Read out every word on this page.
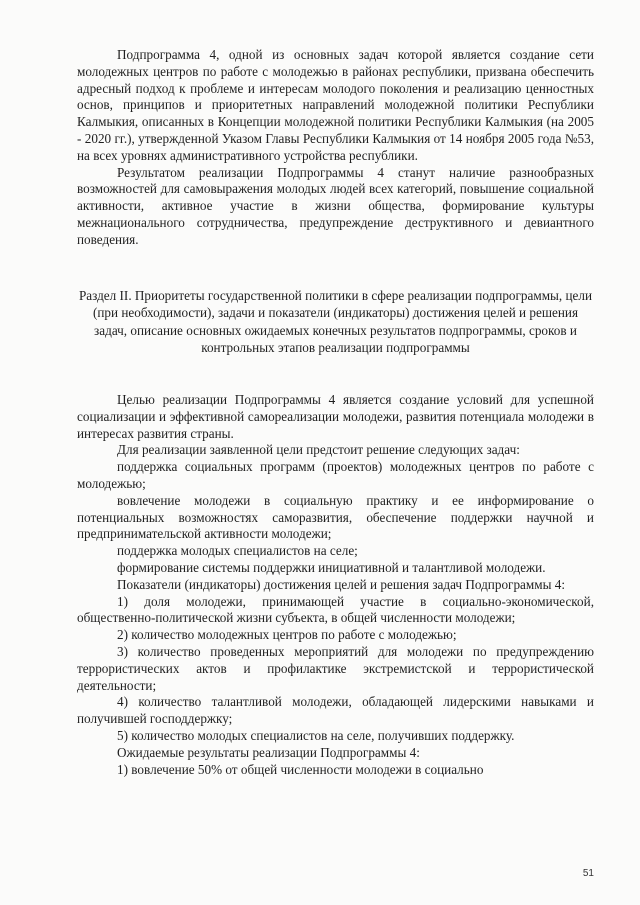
Подпрограмма 4, одной из основных задач которой является создание сети молодежных центров по работе с молодежью в районах республики, призвана обеспечить адресный подход к проблеме и интересам молодого поколения и реализацию ценностных основ, принципов и приоритетных направлений молодежной политики Республики Калмыкия, описанных в Концепции молодежной политики Республики Калмыкия (на 2005 - 2020 гг.), утвержденной Указом Главы Республики Калмыкия от 14 ноября 2005 года №53, на всех уровнях административного устройства республики.

Результатом реализации Подпрограммы 4 станут наличие разнообразных возможностей для самовыражения молодых людей всех категорий, повышение социальной активности, активное участие в жизни общества, формирование культуры межнационального сотрудничества, предупреждение деструктивного и девиантного поведения.

Раздел II. Приоритеты государственной политики в сфере реализации подпрограммы, цели (при необходимости), задачи и показатели (индикаторы) достижения целей и решения задач, описание основных ожидаемых конечных результатов подпрограммы, сроков и контрольных этапов реализации подпрограммы

Целью реализации Подпрограммы 4 является создание условий для успешной социализации и эффективной самореализации молодежи, развития потенциала молодежи в интересах развития страны.

Для реализации заявленной цели предстоит решение следующих задач:

поддержка социальных программ (проектов) молодежных центров по работе с молодежью;

вовлечение молодежи в социальную практику и ее информирование о потенциальных возможностях саморазвития, обеспечение поддержки научной и предпринимательской активности молодежи;

поддержка молодых специалистов на селе;

формирование системы поддержки инициативной и талантливой молодежи.

Показатели (индикаторы) достижения целей и решения задач Подпрограммы 4:

1) доля молодежи, принимающей участие в социально-экономической, общественно-политической жизни субъекта, в общей численности молодежи;

2) количество молодежных центров по работе с молодежью;

3) количество проведенных мероприятий для молодежи по предупреждению террористических актов и профилактике экстремистской и террористической деятельности;

4) количество талантливой молодежи, обладающей лидерскими навыками и получившей господдержку;

5) количество молодых специалистов на селе, получивших поддержку.

Ожидаемые результаты реализации Подпрограммы 4:

1) вовлечение 50% от общей численности молодежи в социально

51
